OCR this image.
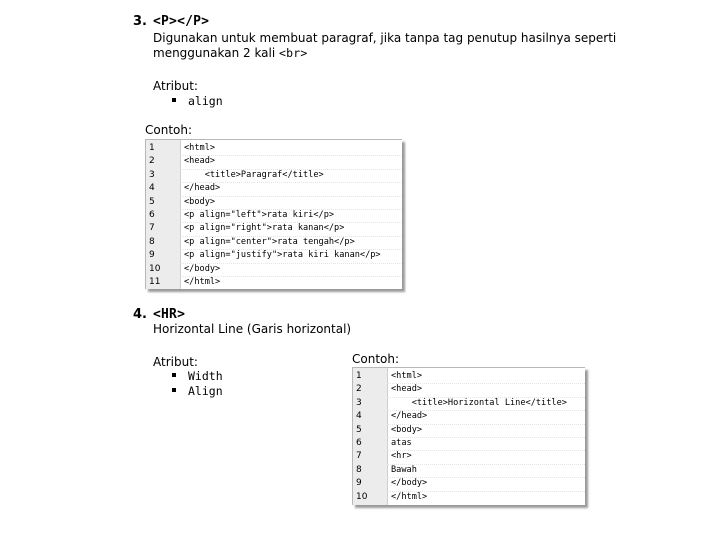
3. <P></P>
Digunakan untuk membuat paragraf, jika tanpa tag penutup hasilnya seperti
menggunakan 2 kali <br>
Atribut:
align
Contoh:
1	<html>
2	<head>
3	<title>Paragraf</title>
4	</head>
5	<body>
6	<p align="left">rata kiri</p>
7	<p align="right">rata kanan</p>
8	<p align="center">rata tengah</p>
9	<p align="justify">rata kiri kanan</p>
10	</body>
11	</html>
4. <HR>
Horizontal Line (Garis horizontal)
Atribut:
Width
Align
Contoh:
1	<html>
2	<head>
3	<title>Horizontal Line</title>
4	</head>
5	<body>
6	atas
7	<hr>
8	Bawah
9	</body>
10	</html>
